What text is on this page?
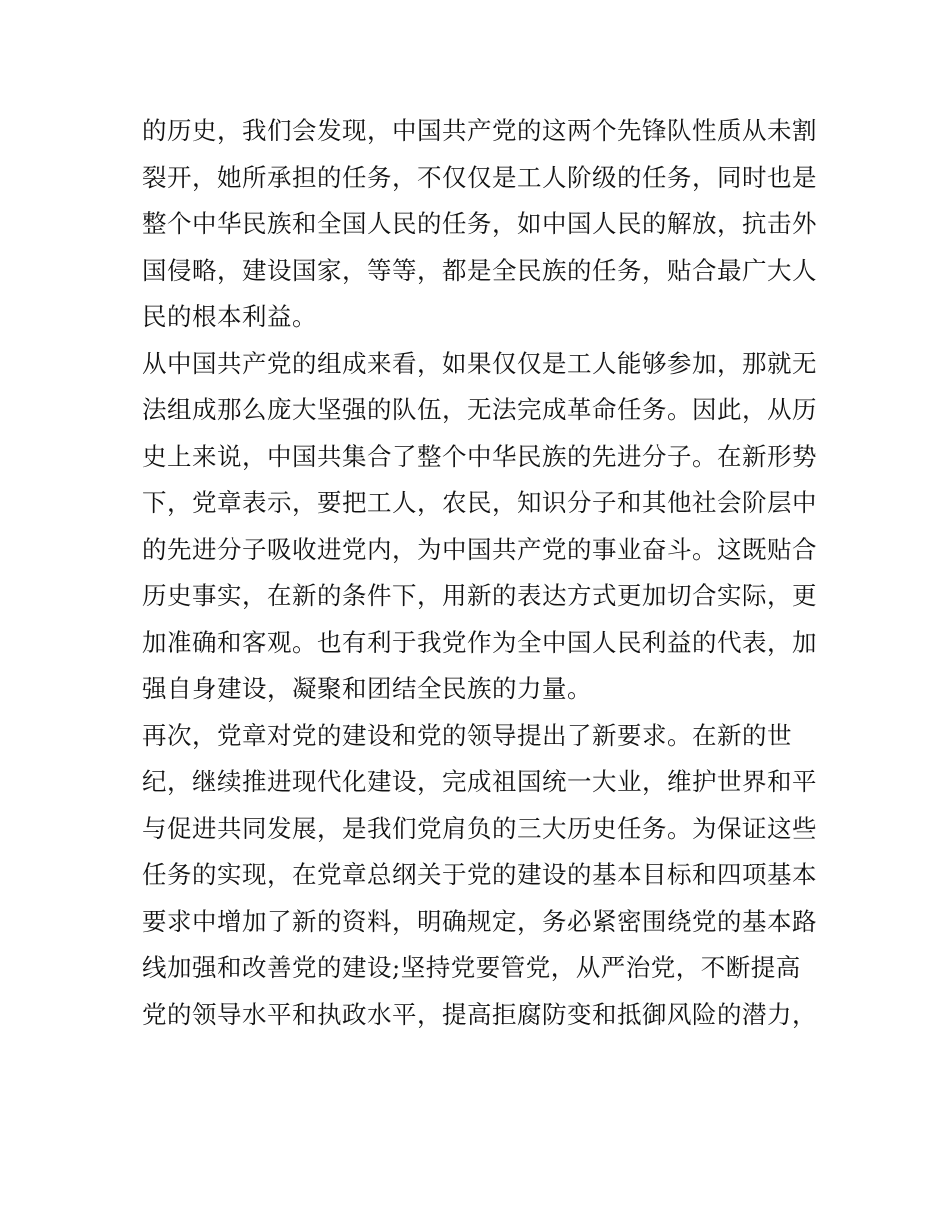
的历史，我们会发现，中国共产党的这两个先锋队性质从未割
裂开，她所承担的任务，不仅仅是工人阶级的任务，同时也是
整个中华民族和全国人民的任务，如中国人民的解放，抗击外
国侵略，建设国家，等等，都是全民族的任务，贴合最广大人
民的根本利益。
从中国共产党的组成来看，如果仅仅是工人能够参加，那就无
法组成那么庞大坚强的队伍，无法完成革命任务。因此，从历
史上来说，中国共集合了整个中华民族的先进分子。在新形势
下，党章表示，要把工人，农民，知识分子和其他社会阶层中
的先进分子吸收进党内，为中国共产党的事业奋斗。这既贴合
历史事实，在新的条件下，用新的表达方式更加切合实际，更
加准确和客观。也有利于我党作为全中国人民利益的代表，加
强自身建设，凝聚和团结全民族的力量。
再次，党章对党的建设和党的领导提出了新要求。在新的世
纪，继续推进现代化建设，完成祖国统一大业，维护世界和平
与促进共同发展，是我们党肩负的三大历史任务。为保证这些
任务的实现，在党章总纲关于党的建设的基本目标和四项基本
要求中增加了新的资料，明确规定，务必紧密围绕党的基本路
线加强和改善党的建设;坚持党要管党，从严治党，不断提高
党的领导水平和执政水平，提高拒腐防变和抵御风险的潜力，
